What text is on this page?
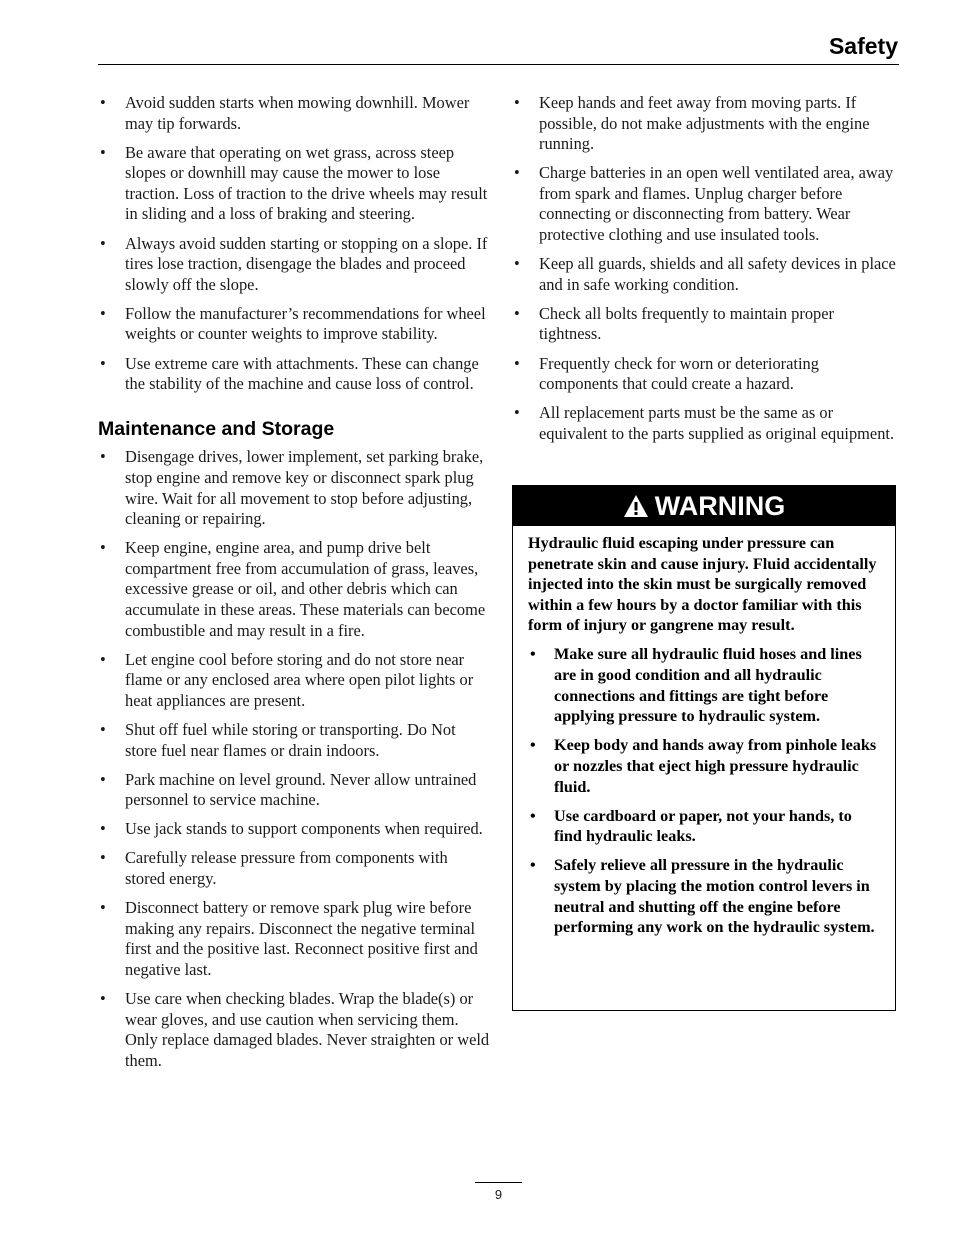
Safety
• Avoid sudden starts when mowing downhill. Mower may tip forwards.
• Be aware that operating on wet grass, across steep slopes or downhill may cause the mower to lose traction. Loss of traction to the drive wheels may result in sliding and a loss of braking and steering.
• Always avoid sudden starting or stopping on a slope. If tires lose traction, disengage the blades and proceed slowly off the slope.
• Follow the manufacturer’s recommendations for wheel weights or counter weights to improve stability.
• Use extreme care with attachments. These can change the stability of the machine and cause loss of control.
Maintenance and Storage
• Disengage drives, lower implement, set parking brake, stop engine and remove key or disconnect spark plug wire. Wait for all movement to stop before adjusting, cleaning or repairing.
• Keep engine, engine area, and pump drive belt compartment free from accumulation of grass, leaves, excessive grease or oil, and other debris which can accumulate in these areas. These materials can become combustible and may result in a fire.
• Let engine cool before storing and do not store near flame or any enclosed area where open pilot lights or heat appliances are present.
• Shut off fuel while storing or transporting. Do Not store fuel near flames or drain indoors.
• Park machine on level ground. Never allow untrained personnel to service machine.
• Use jack stands to support components when required.
• Carefully release pressure from components with stored energy.
• Disconnect battery or remove spark plug wire before making any repairs. Disconnect the negative terminal first and the positive last. Reconnect positive first and negative last.
• Use care when checking blades. Wrap the blade(s) or wear gloves, and use caution when servicing them. Only replace damaged blades. Never straighten or weld them.
• Keep hands and feet away from moving parts. If possible, do not make adjustments with the engine running.
• Charge batteries in an open well ventilated area, away from spark and flames. Unplug charger before connecting or disconnecting from battery. Wear protective clothing and use insulated tools.
• Keep all guards, shields and all safety devices in place and in safe working condition.
• Check all bolts frequently to maintain proper tightness.
• Frequently check for worn or deteriorating components that could create a hazard.
• All replacement parts must be the same as or equivalent to the parts supplied as original equipment.
WARNING

Hydraulic fluid escaping under pressure can penetrate skin and cause injury. Fluid accidentally injected into the skin must be surgically removed within a few hours by a doctor familiar with this form of injury or gangrene may result.

• Make sure all hydraulic fluid hoses and lines are in good condition and all hydraulic connections and fittings are tight before applying pressure to hydraulic system.
• Keep body and hands away from pinhole leaks or nozzles that eject high pressure hydraulic fluid.
• Use cardboard or paper, not your hands, to find hydraulic leaks.
• Safely relieve all pressure in the hydraulic system by placing the motion control levers in neutral and shutting off the engine before performing any work on the hydraulic system.
9
